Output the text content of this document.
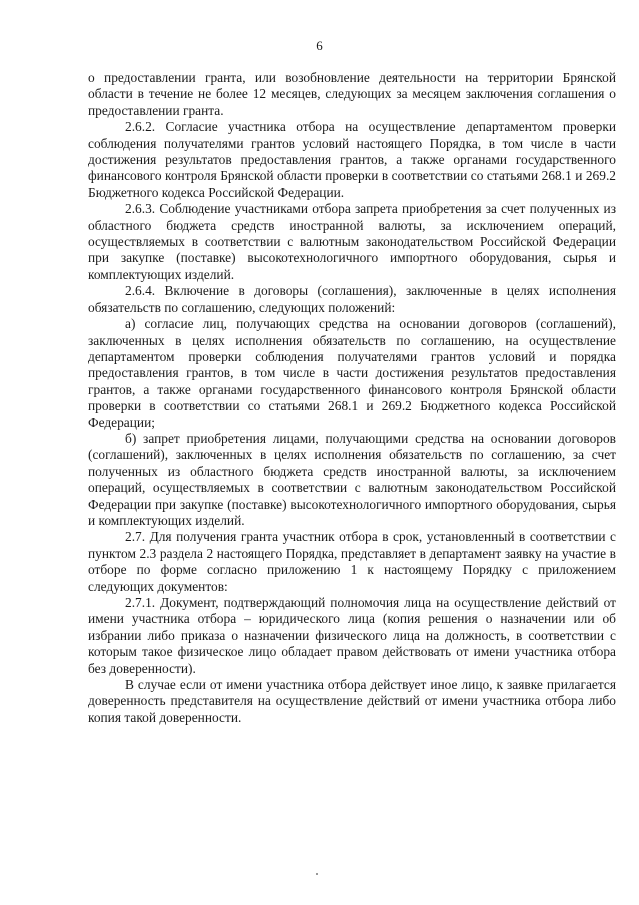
6

о предоставлении гранта, или возобновление деятельности на территории Брянской области в течение не более 12 месяцев, следующих за месяцем заключения соглашения о предоставлении гранта.

2.6.2. Согласие участника отбора на осуществление департаментом проверки соблюдения получателями грантов условий настоящего Порядка, в том числе в части достижения результатов предоставления грантов, а также органами государственного финансового контроля Брянской области проверки в соответствии со статьями 268.1 и 269.2 Бюджетного кодекса Российской Федерации.

2.6.3. Соблюдение участниками отбора запрета приобретения за счет полученных из областного бюджета средств иностранной валюты, за исключением операций, осуществляемых в соответствии с валютным законодательством Российской Федерации при закупке (поставке) высокотехнологичного импортного оборудования, сырья и комплектующих изделий.

2.6.4. Включение в договоры (соглашения), заключенные в целях исполнения обязательств по соглашению, следующих положений:

а) согласие лиц, получающих средства на основании договоров (соглашений), заключенных в целях исполнения обязательств по соглашению, на осуществление департаментом проверки соблюдения получателями грантов условий и порядка предоставления грантов, в том числе в части достижения результатов предоставления грантов, а также органами государственного финансового контроля Брянской области проверки в соответствии со статьями 268.1 и 269.2 Бюджетного кодекса Российской Федерации;

б) запрет приобретения лицами, получающими средства на основании договоров (соглашений), заключенных в целях исполнения обязательств по соглашению, за счет полученных из областного бюджета средств иностранной валюты, за исключением операций, осуществляемых в соответствии с валютным законодательством Российской Федерации при закупке (поставке) высокотехнологичного импортного оборудования, сырья и комплектующих изделий.

2.7. Для получения гранта участник отбора в срок, установленный в соответствии с пунктом 2.3 раздела 2 настоящего Порядка, представляет в департамент заявку на участие в отборе по форме согласно приложению 1 к настоящему Порядку с приложением следующих документов:

2.7.1. Документ, подтверждающий полномочия лица на осуществление действий от имени участника отбора – юридического лица (копия решения о назначении или об избрании либо приказа о назначении физического лица на должность, в соответствии с которым такое физическое лицо обладает правом действовать от имени участника отбора без доверенности).

В случае если от имени участника отбора действует иное лицо, к заявке прилагается доверенность представителя на осуществление действий от имени участника отбора либо копия такой доверенности.
